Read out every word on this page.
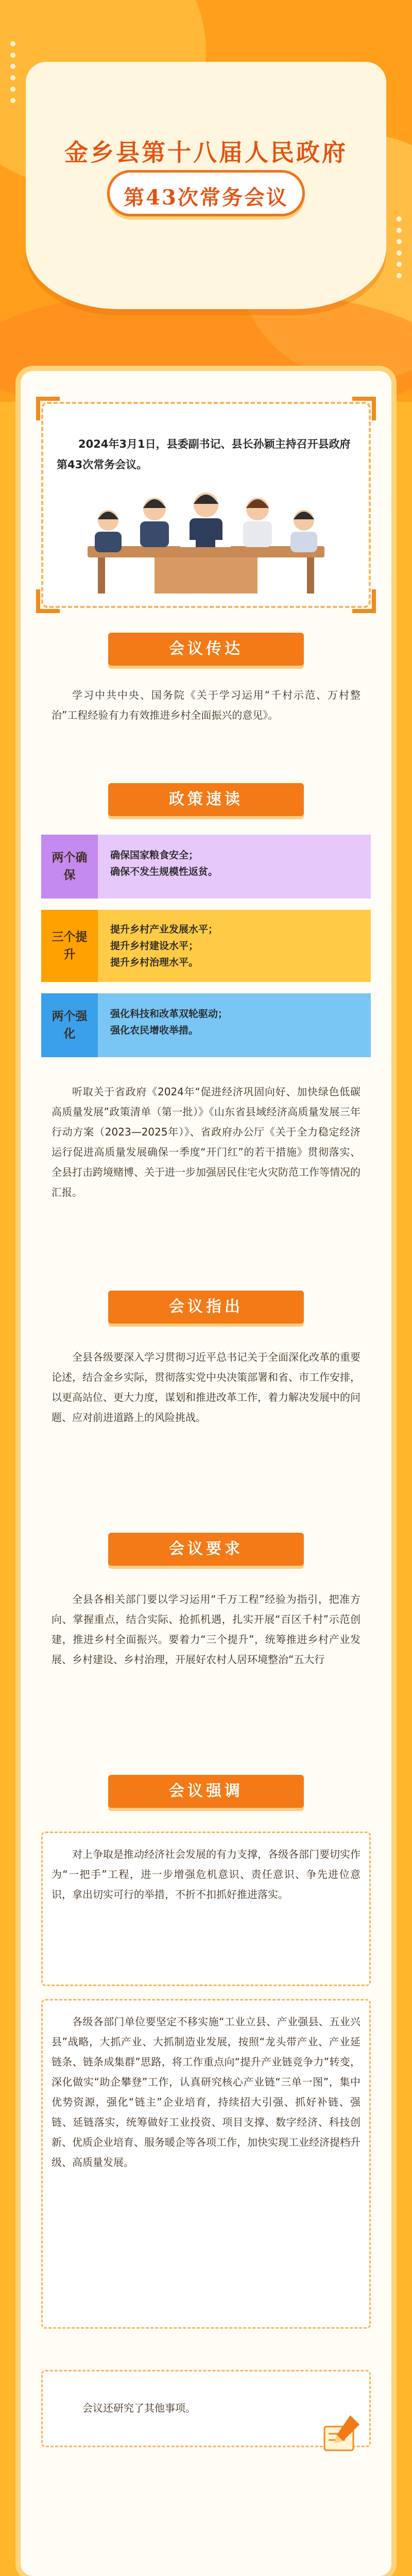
金乡县第十八届人民政府
第43次常务会议
2024年3月1日，县委副书记、县长孙颖主持召开县政府第43次常务会议。
会议传达
学习中共中央、国务院《关于学习运用“千村示范、万村整治”工程经验有力有效推进乡村全面振兴的意见》。
政策速读
两个确保
确保国家粮食安全；
确保不发生规模性返贫。
三个提升
提升乡村产业发展水平；
提升乡村建设水平；
提升乡村治理水平。
两个强化
强化科技和改革双轮驱动；
强化农民增收举措。
听取关于省政府《2024年“促进经济巩固向好、加快绿色低碳高质量发展”政策清单（第一批）》《山东省县域经济高质量发展三年行动方案（2023—2025年）》、省政府办公厅《关于全力稳定经济运行促进高质量发展确保一季度“开门红”的若干措施》贯彻落实、全县打击跨境赌博、关于进一步加强居民住宅火灾防范工作等情况的汇报。
会议指出
全县各级要深入学习贯彻习近平总书记关于全面深化改革的重要论述，结合金乡实际，贯彻落实党中央决策部署和省、市工作安排，以更高站位、更大力度，谋划和推进改革工作，着力解决发展中的问题、应对前进道路上的风险挑战。
会议要求
全县各相关部门要以学习运用“千万工程”经验为指引，把准方向、掌握重点，结合实际、抢抓机遇，扎实开展“百区千村”示范创建，推进乡村全面振兴。要着力“三个提升”，统筹推进乡村产业发展、乡村建设、乡村治理，开展好农村人居环境整治“五大行
会议强调
对上争取是推动经济社会发展的有力支撑，各级各部门要切实作为“一把手”工程，进一步增强危机意识、责任意识、争先进位意识，拿出切实可行的举措，不折不扣抓好推进落实。
各级各部门单位要坚定不移实施“工业立县、产业强县、五业兴县”战略，大抓产业、大抓制造业发展，按照“龙头带产业、产业延链条、链条成集群”思路，将工作重点向“提升产业链竞争力”转变，深化做实“助企攀登”工作，认真研究核心产业链“三单一图”，集中优势资源，强化“链主”企业培育，持续招大引强、抓好补链、强链、延链落实，统筹做好工业投资、项目支撑、数字经济、科技创新、优质企业培育、服务暖企等各项工作，加快实现工业经济提档升级、高质量发展。
会议还研究了其他事项。
